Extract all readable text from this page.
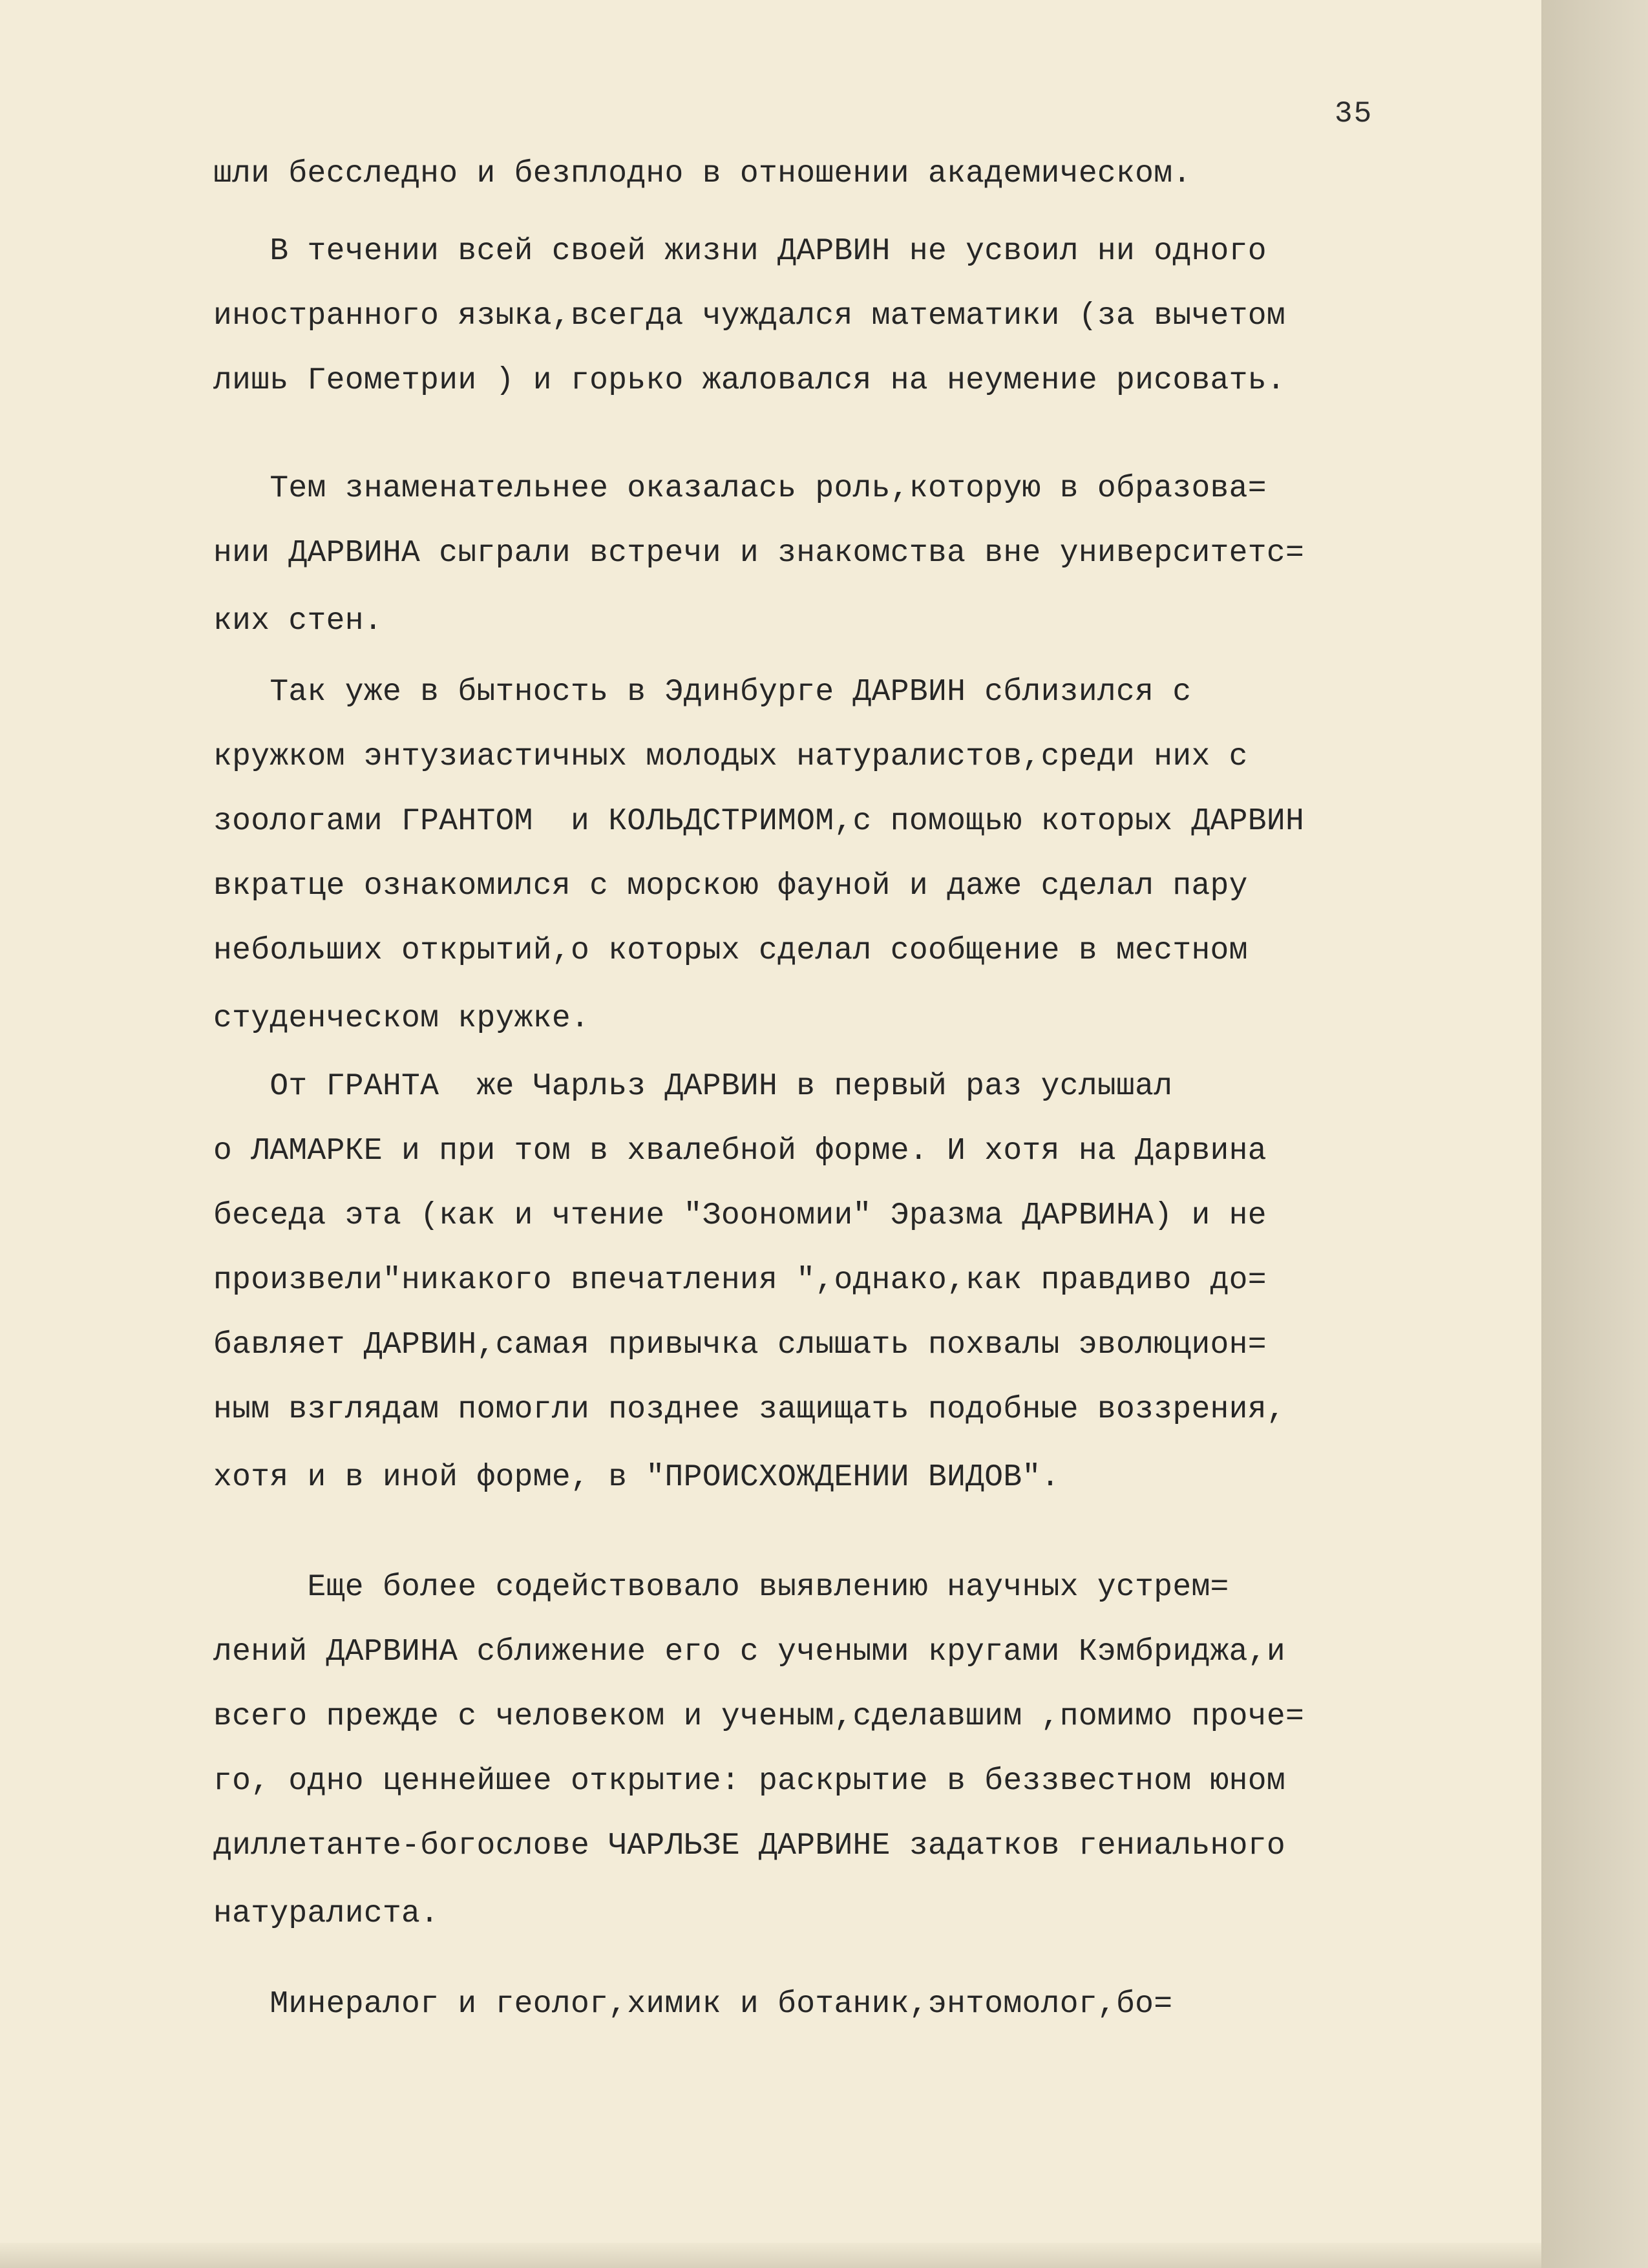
35
шли бесследно и безплодно в отношении академическом.
В течении всей своей жизни ДАРВИН не усвоил ни одного
иностранного языка,всегда чуждался математики (за вычетом
лишь Геометрии ) и горько жаловался на неумение рисовать.
Тем знаменательнее оказалась роль,которую в образова=
нии ДАРВИНА сыграли встречи и знакомства вне университетс=
ких стен.
Так уже в бытность в Эдинбурге ДАРВИН сблизился с
кружком энтузиастичных молодых натуралистов,среди них с
зоологами ГРАНТОМ  и КОЛЬДСТРИМОМ,с помощью которых ДАРВИН
вкратце ознакомился с морскою фауной и даже сделал пару
небольших открытий,о которых сделал сообщение в местном
студенческом кружке.
От ГРАНТА  же Чарльз ДАРВИН в первый раз услышал
о ЛАМАРКЕ и при том в хвалебной форме. И хотя на Дарвина
беседа эта (как и чтение "Зоономии" Эразма ДАРВИНА) и не
произвели"никакого впечатления ",однако,как правдиво до=
бавляет ДАРВИН,самая привычка слышать похвалы эволюцион=
ным взглядам помогли позднее защищать подобные воззрения,
хотя и в иной форме, в "ПРОИСХОЖДЕНИИ ВИДОВ".
Еще более содействовало выявлению научных устрем=
лений ДАРВИНА сближение его с учеными кругами Кэмбриджа,и
всего прежде с человеком и ученым,сделавшим ,помимо проче=
го, одно ценнейшее открытие: раскрытие в беззвестном юном
диллетанте-богослове ЧАРЛЬЗЕ ДАРВИНЕ задатков гениального
натуралиста.
Минералог и геолог,химик и ботаник,энтомолог,бо=
